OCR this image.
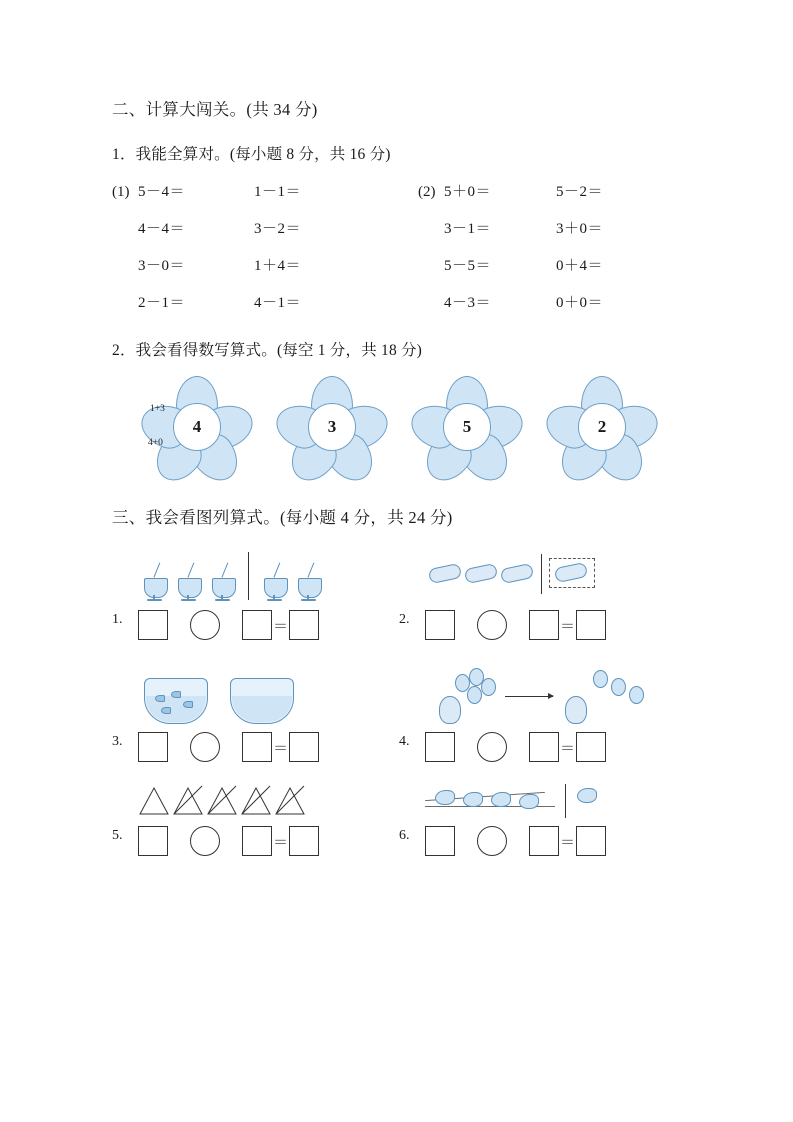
二、计算大闯关。(共 34 分)
1．我能全算对。(每小题 8 分，共 16 分)
(1) 5－4＝	1－1＝	(2) 5＋0＝	5－2＝
4－4＝	3－2＝	3－1＝	3＋0＝
3－0＝	1＋4＝	5－5＝	0＋4＝
2－1＝	4－1＝	4－3＝	0＋0＝
2．我会看得数写算式。(每空 1 分，共 18 分)
1+3
4+0
4	3	5	2
三、我会看图列算式。(每小题 4 分，共 24 分)
1.	＝	2.	＝
3.	＝	4.	＝
5.	＝	6.	＝
